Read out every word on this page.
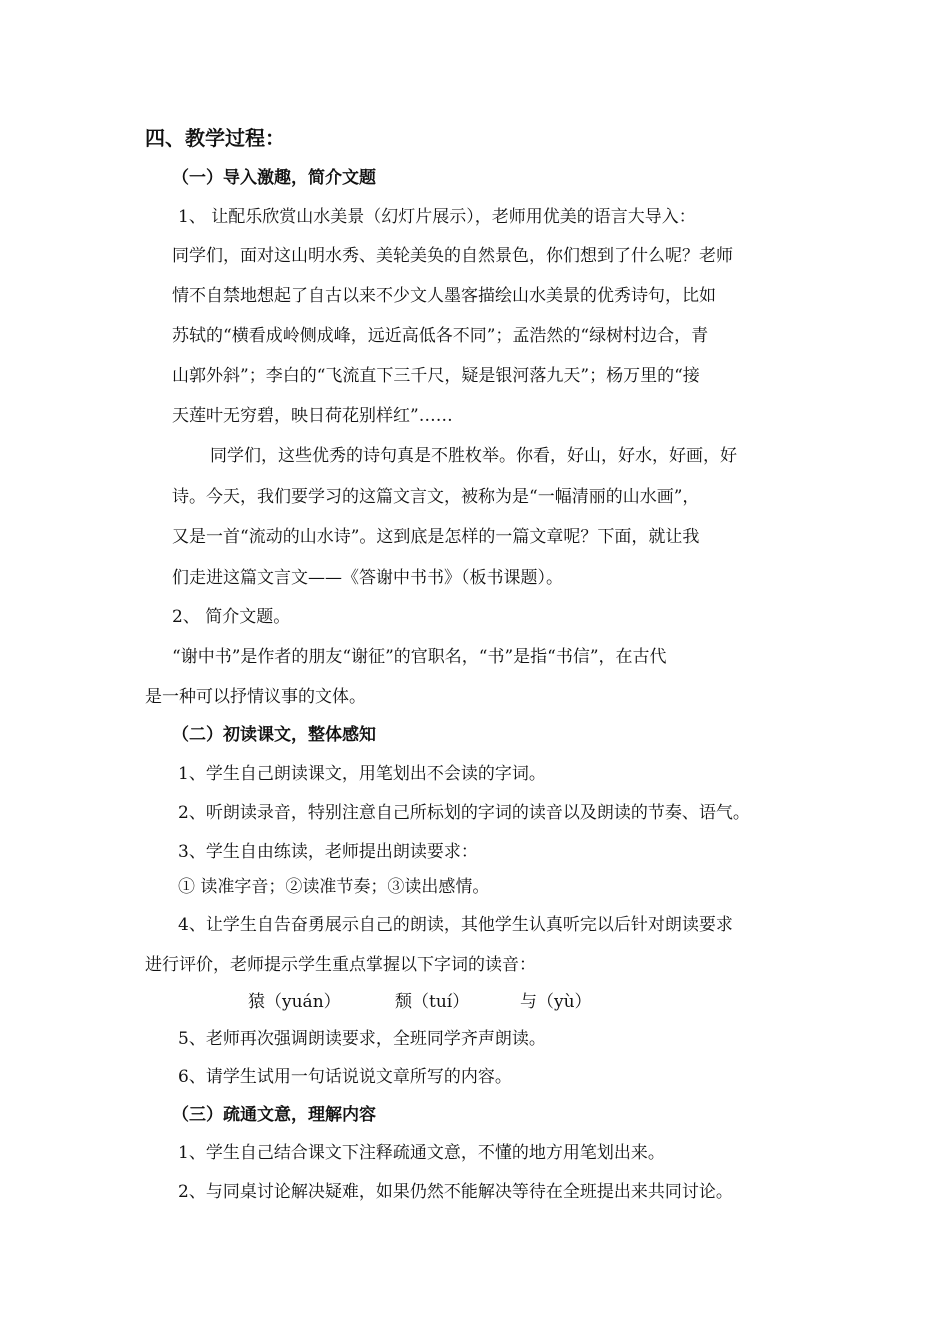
四、教学过程：
（一）导入激趣，简介文题
1、 让配乐欣赏山水美景（幻灯片展示），老师用优美的语言大导入：
同学们，面对这山明水秀、美轮美奂的自然景色，你们想到了什么呢？老师
情不自禁地想起了自古以来不少文人墨客描绘山水美景的优秀诗句，比如
苏轼的“横看成岭侧成峰，远近高低各不同”；孟浩然的“绿树村边合，青
山郭外斜”；李白的“飞流直下三千尺，疑是银河落九天”；杨万里的“接
天莲叶无穷碧，映日荷花别样红”……
同学们，这些优秀的诗句真是不胜枚举。你看，好山，好水，好画，好
诗。今天，我们要学习的这篇文言文，被称为是“一幅清丽的山水画”，
又是一首“流动的山水诗”。这到底是怎样的一篇文章呢？下面，就让我
们走进这篇文言文——《答谢中书书》（板书课题）。
2、 简介文题。
“谢中书”是作者的朋友“谢征”的官职名，“书”是指“书信”，在古代
是一种可以抒情议事的文体。
（二）初读课文，整体感知
1、学生自己朗读课文，用笔划出不会读的字词。
2、听朗读录音，特别注意自己所标划的字词的读音以及朗读的节奏、语气。
3、学生自由练读，老师提出朗读要求：
① 读准字音；②读准节奏；③读出感情。
4、让学生自告奋勇展示自己的朗读，其他学生认真听完以后针对朗读要求
进行评价，老师提示学生重点掌握以下字词的读音：
猿（yuán）	颓（tuí）	与（yù）
5、老师再次强调朗读要求，全班同学齐声朗读。
6、请学生试用一句话说说文章所写的内容。
（三）疏通文意，理解内容
1、学生自己结合课文下注释疏通文意，不懂的地方用笔划出来。
2、与同桌讨论解决疑难，如果仍然不能解决等待在全班提出来共同讨论。
